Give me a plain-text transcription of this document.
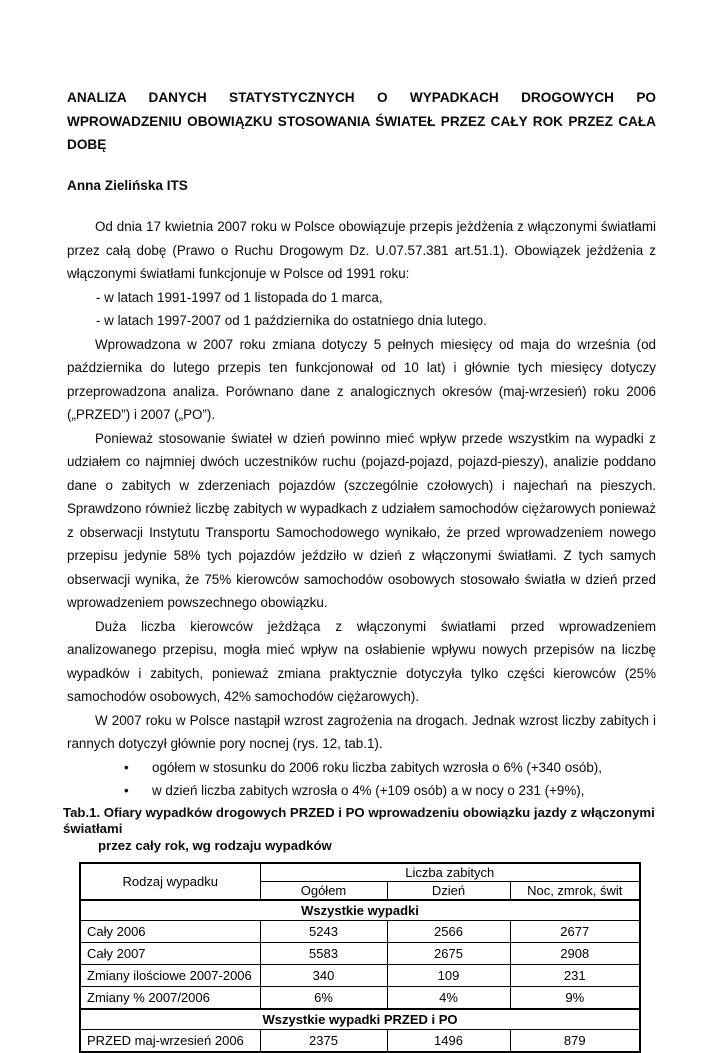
ANALIZA DANYCH STATYSTYCZNYCH O WYPADKACH DROGOWYCH PO WPROWADZENIU OBOWIĄZKU STOSOWANIA ŚWIATEŁ PRZEZ CAŁY ROK PRZEZ CAŁA DOBĘ

Anna Zielińska ITS

Od dnia 17 kwietnia 2007 roku w Polsce obowiązuje przepis jeżdżenia z włączonymi światłami przez całą dobę (Prawo o Ruchu Drogowym Dz. U.07.57.381 art.51.1). Obowiązek jeżdżenia z włączonymi światłami funkcjonuje w Polsce od 1991 roku:

- w latach 1991-1997 od 1 listopada do 1 marca,

- w latach 1997-2007 od 1 października do ostatniego dnia lutego.

Wprowadzona w 2007 roku zmiana dotyczy 5 pełnych miesięcy od maja do września (od października do lutego przepis ten funkcjonował od 10 lat) i głównie tych miesięcy dotyczy przeprowadzona analiza. Porównano dane z analogicznych okresów (maj-wrzesień) roku 2006 („PRZED”) i 2007 („PO”).

Ponieważ stosowanie świateł w dzień powinno mieć wpływ przede wszystkim na wypadki z udziałem co najmniej dwóch uczestników ruchu (pojazd-pojazd, pojazd-pieszy), analizie poddano dane o zabitych w zderzeniach pojazdów (szczególnie czołowych) i najechań na pieszych. Sprawdzono również liczbę zabitych w wypadkach z udziałem samochodów ciężarowych ponieważ z obserwacji Instytutu Transportu Samochodowego wynikało, że przed wprowadzeniem nowego przepisu jedynie 58% tych pojazdów jeździło w dzień z włączonymi światłami. Z tych samych obserwacji wynika, że 75% kierowców samochodów osobowych stosowało światła w dzień przed wprowadzeniem powszechnego obowiązku.

Duża liczba kierowców jeżdżąca z włączonymi światłami przed wprowadzeniem analizowanego przepisu, mogła mieć wpływ na osłabienie wpływu nowych przepisów na liczbę wypadków i zabitych, ponieważ zmiana praktycznie dotyczyła tylko części kierowców (25% samochodów osobowych, 42% samochodów ciężarowych).

W 2007 roku w Polsce nastąpił wzrost zagrożenia na drogach. Jednak wzrost liczby zabitych i rannych dotyczył głównie pory nocnej (rys. 12, tab.1).

•	ogółem w stosunku do 2006 roku liczba zabitych wzrosła o 6% (+340 osób),
•	w dzień liczba zabitych wzrosła o 4% (+109 osób) a w nocy o 231 (+9%),
Tab.1. Ofiary wypadków drogowych PRZED i PO wprowadzeniu obowiązku jazdy z włączonymi światłami
przez cały rok, wg rodzaju wypadków
Rodzaj wypadku	Liczba zabitych		
	Ogółem	Dzień	Noc, zmrok, świt
Wszystkie wypadki			
Cały 2006	5243	2566	2677
Cały 2007	5583	2675	2908
Zmiany ilościowe 2007-2006	340	109	231
Zmiany % 2007/2006	6%	4%	9%
Wszystkie wypadki PRZED i PO			
PRZED maj-wrzesień 2006	2375	1496	879
